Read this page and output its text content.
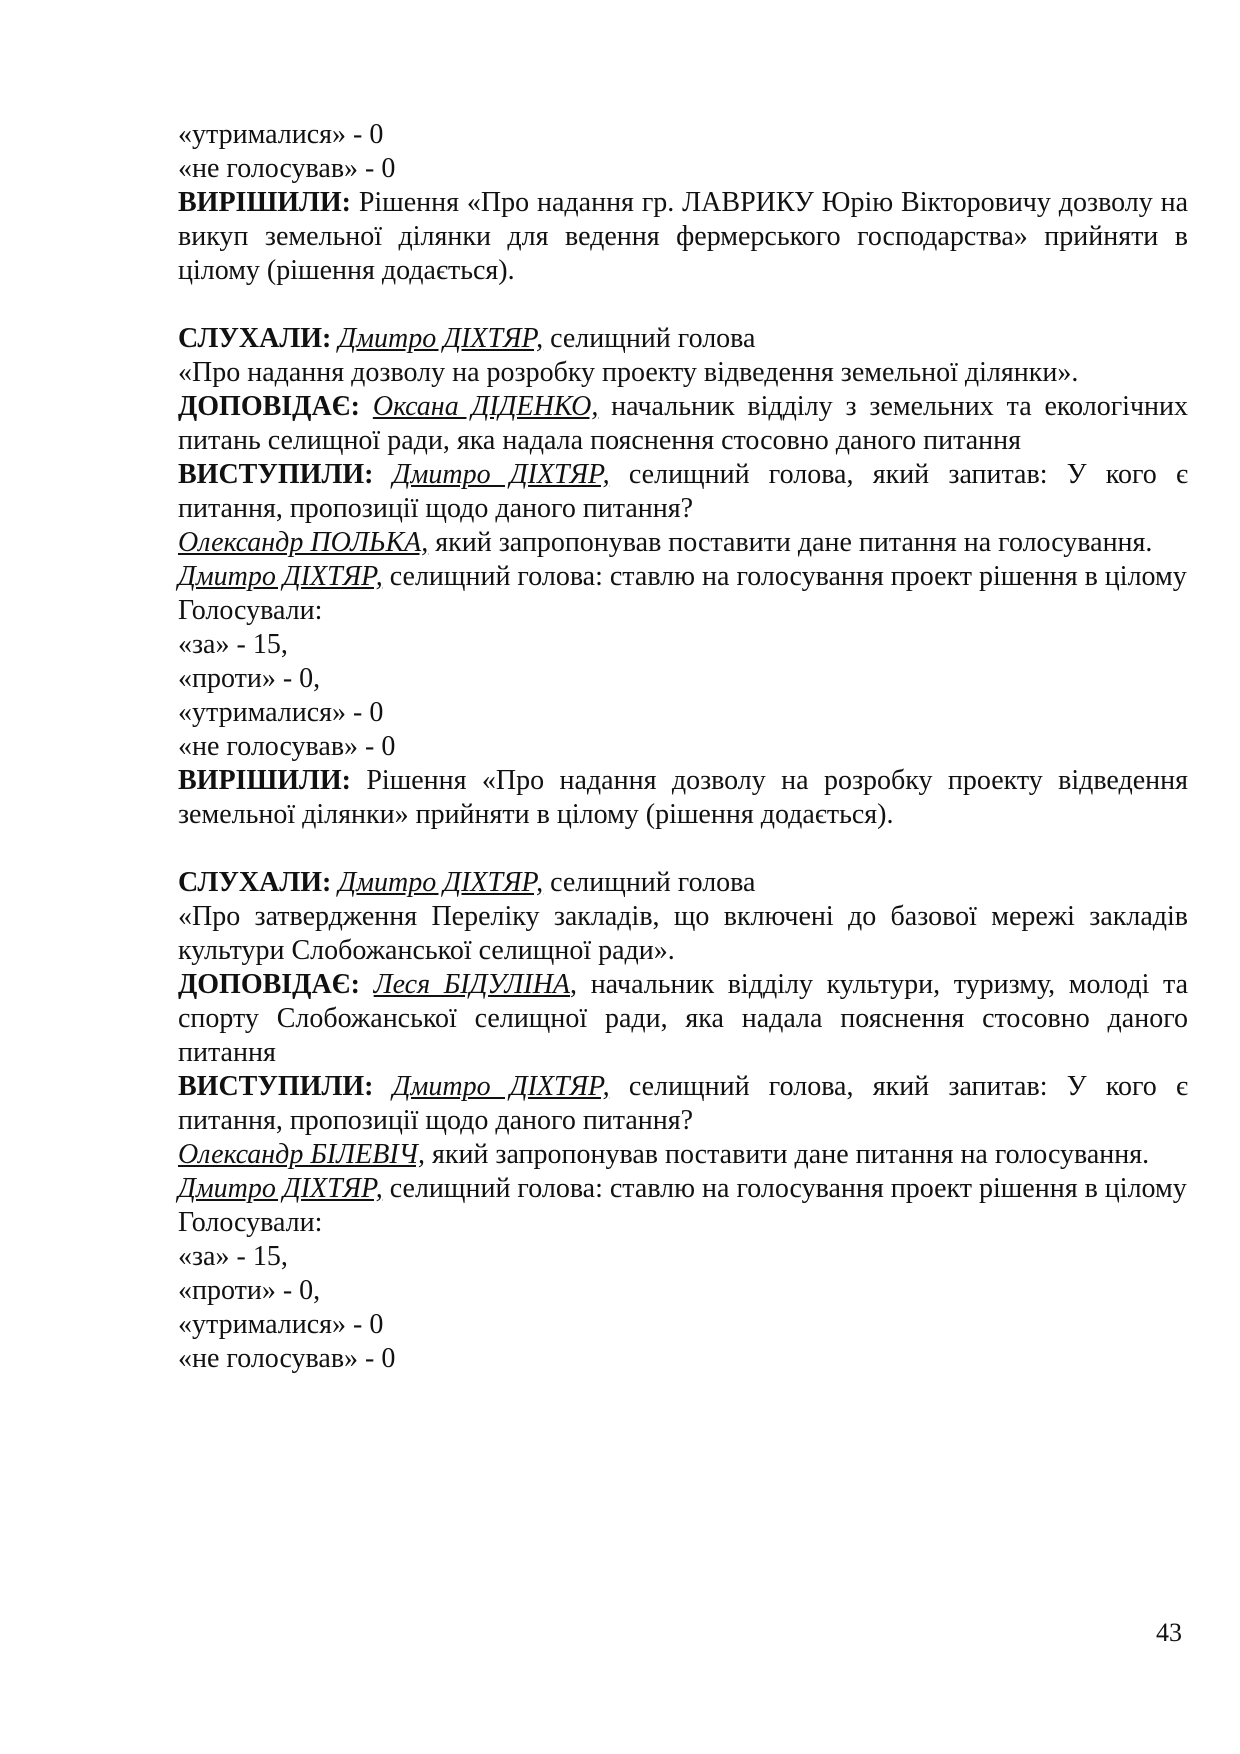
«утрималися» - 0

«не голосував» - 0

ВИРІШИЛИ: Рішення «Про надання гр. ЛАВРИКУ Юрію Вікторовичу дозволу на викуп земельної ділянки для ведення фермерського господарства» прийняти в цілому (рішення додається).

СЛУХАЛИ: Дмитро ДІХТЯР, селищний голова

«Про надання дозволу на розробку проекту відведення земельної ділянки».

ДОПОВІДАЄ: Оксана ДІДЕНКО, начальник відділу з земельних та екологічних питань селищної ради, яка надала пояснення стосовно даного питання

ВИСТУПИЛИ: Дмитро ДІХТЯР, селищний голова, який запитав: У кого є питання, пропозиції щодо даного питання?

Олександр ПОЛЬКА, який запропонував поставити дане питання на голосування.

Дмитро ДІХТЯР, селищний голова: ставлю на голосування проект рішення в цілому

Голосували:

«за» - 15,

«проти» - 0,

«утрималися» - 0

«не голосував» - 0

ВИРІШИЛИ: Рішення «Про надання дозволу на розробку проекту відведення земельної ділянки» прийняти в цілому (рішення додається).

СЛУХАЛИ: Дмитро ДІХТЯР, селищний голова

«Про затвердження Переліку закладів, що включені до базової мережі закладів культури Слобожанської селищної ради».

ДОПОВІДАЄ: Леся БІДУЛІНА, начальник відділу культури, туризму, молоді та спорту Слобожанської селищної ради, яка надала пояснення стосовно даного питання

ВИСТУПИЛИ: Дмитро ДІХТЯР, селищний голова, який запитав: У кого є питання, пропозиції щодо даного питання?

Олександр БІЛЕВІЧ, який запропонував поставити дане питання на голосування.

Дмитро ДІХТЯР, селищний голова: ставлю на голосування проект рішення в цілому

Голосували:

«за» - 15,

«проти» - 0,

«утрималися» - 0

«не голосував» - 0

43
